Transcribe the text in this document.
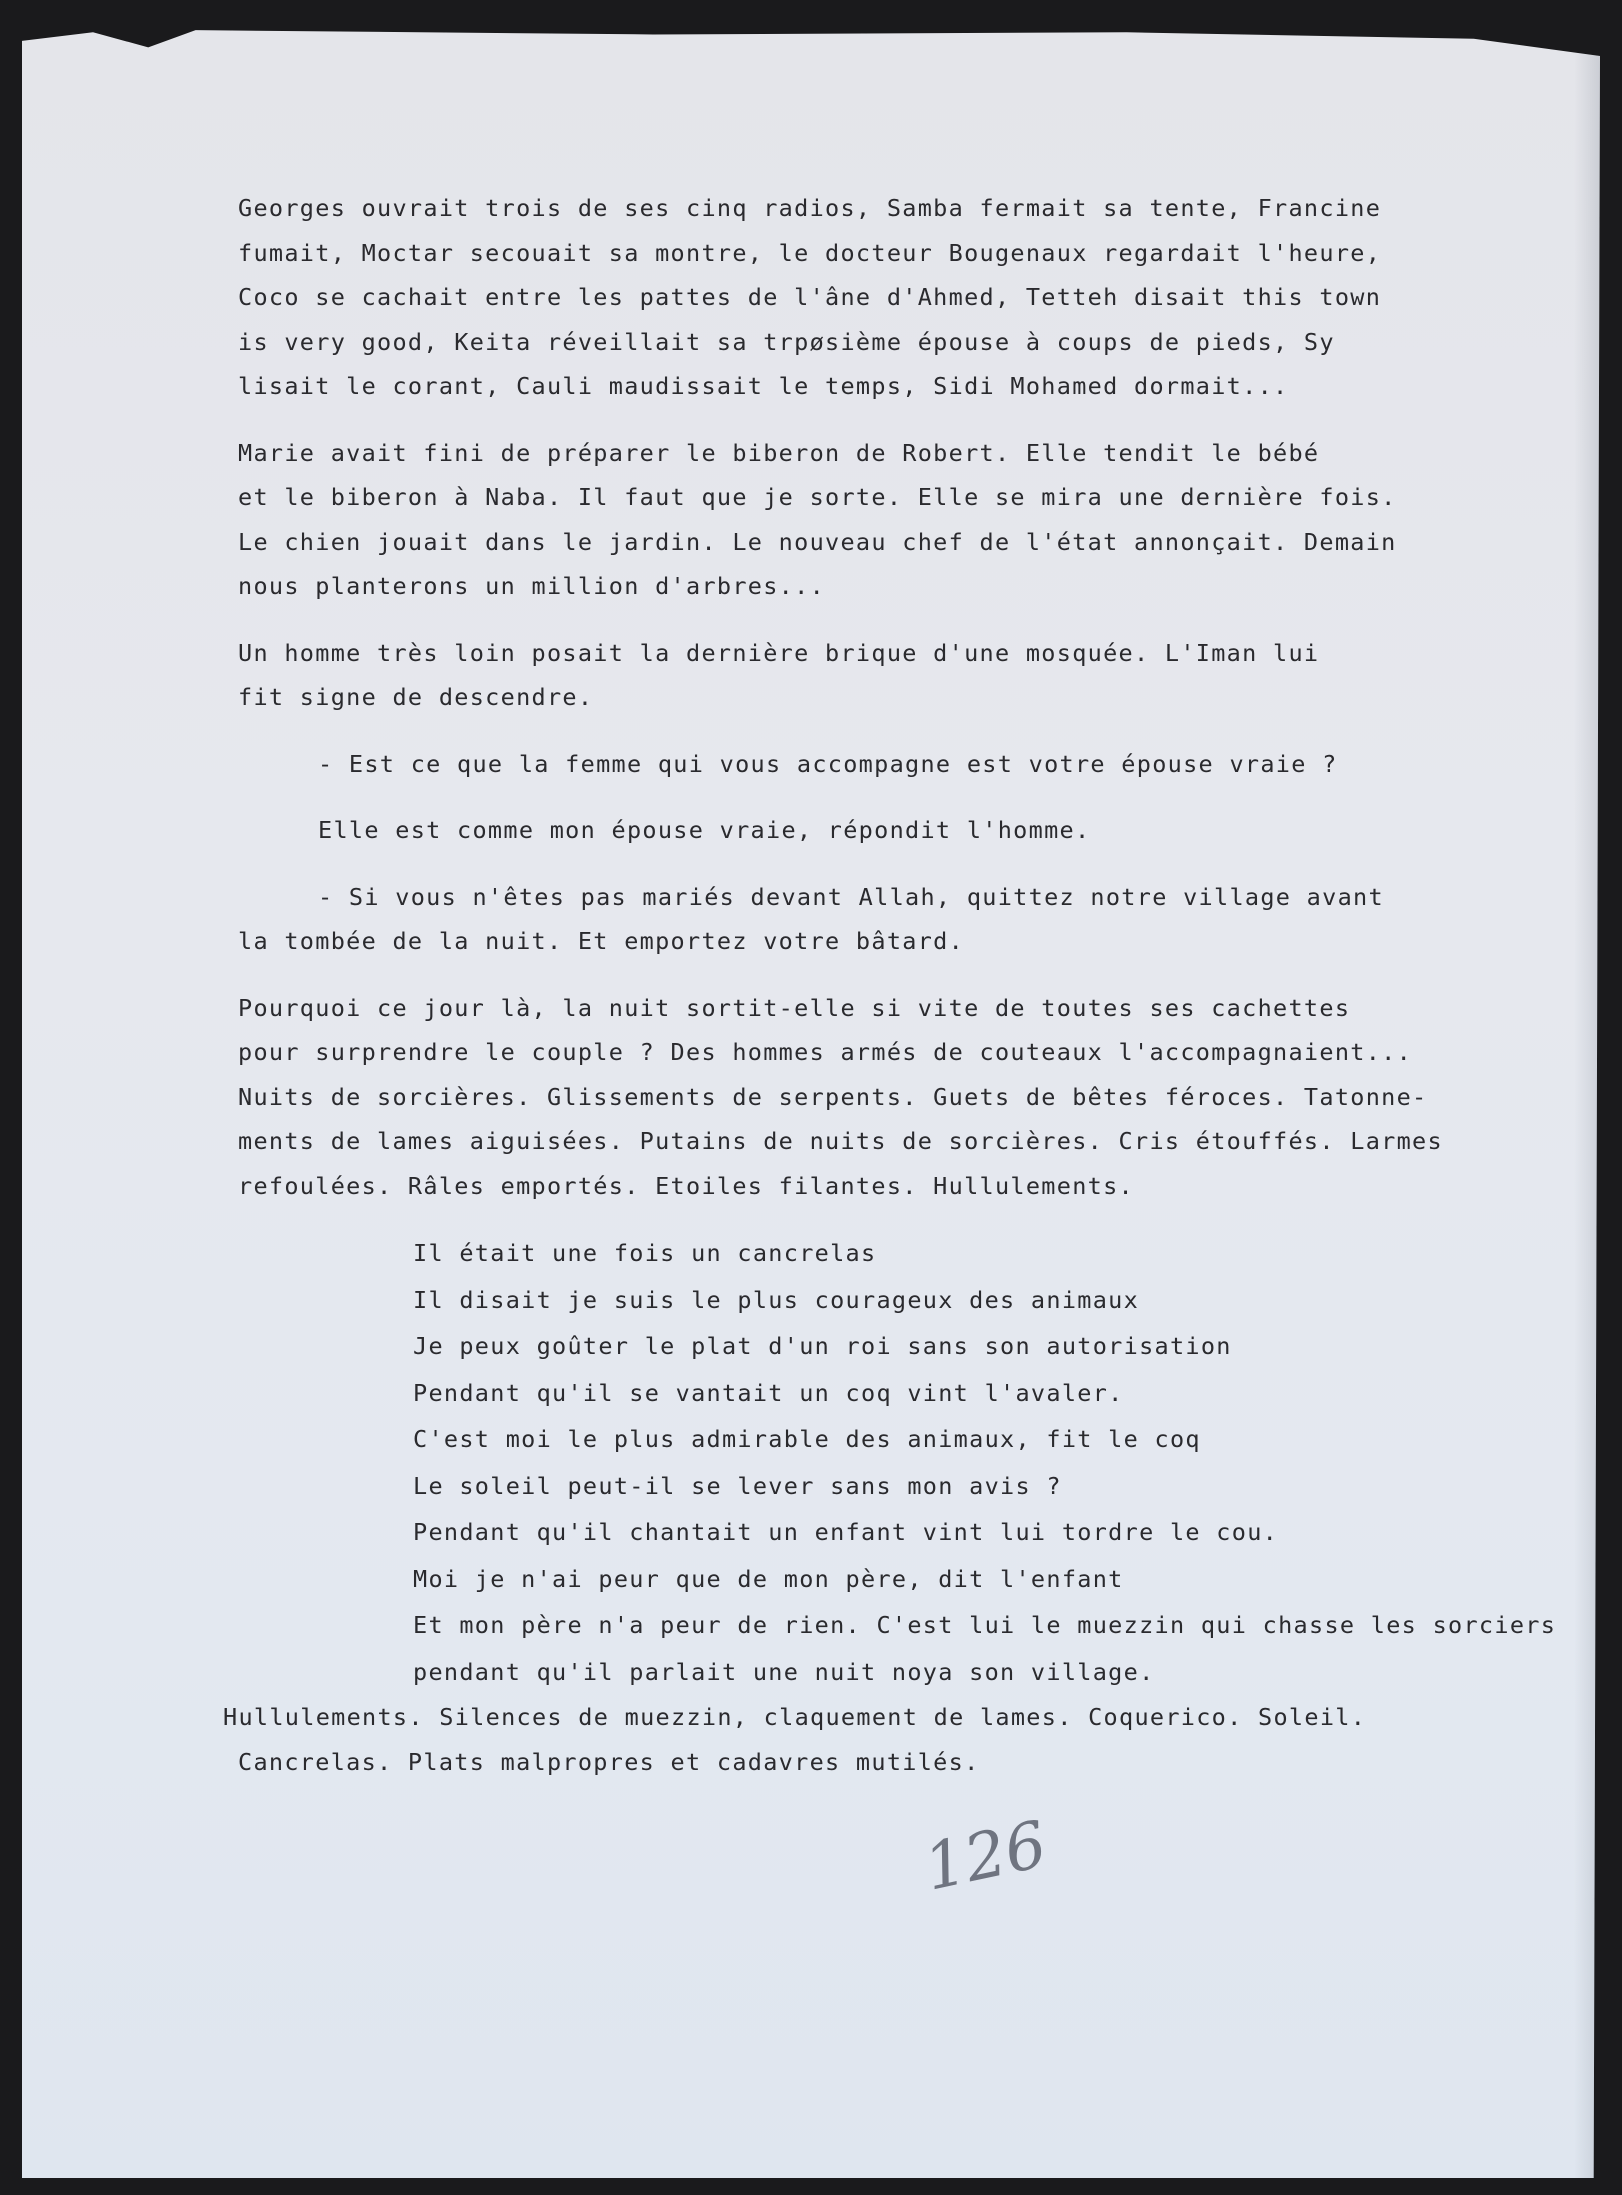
Georges ouvrait trois de ses cinq radios, Samba fermait sa tente, Francine
fumait, Moctar secouait sa montre, le docteur Bougenaux regardait l'heure,
Coco se cachait entre les pattes de l'âne d'Ahmed, Tetteh disait this town
is very good, Keita réveillait sa trpøsième épouse à coups de pieds, Sy
lisait le corant, Cauli maudissait le temps, Sidi Mohamed dormait...
Marie avait fini de préparer le biberon de Robert. Elle tendit le bébé
et le biberon à Naba. Il faut que je sorte. Elle se mira une dernière fois.
Le chien jouait dans le jardin. Le nouveau chef de l'état annonçait. Demain
nous planterons un million d'arbres...
Un homme très loin posait la dernière brique d'une mosquée. L'Iman lui
fit signe de descendre.
- Est ce que la femme qui vous accompagne est votre épouse vraie ?
Elle est comme mon épouse vraie, répondit l'homme.
- Si vous n'êtes pas mariés devant Allah, quittez notre village avant
la tombée de la nuit. Et emportez votre bâtard.
Pourquoi ce jour là, la nuit sortit-elle si vite de toutes ses cachettes
pour surprendre le couple ? Des hommes armés de couteaux l'accompagnaient...
Nuits de sorcières. Glissements de serpents. Guets de bêtes féroces. Tatonne-
ments de lames aiguisées. Putains de nuits de sorcières. Cris étouffés. Larmes
refoulées. Râles emportés. Etoiles filantes. Hullulements.
Il était une fois un cancrelas
Il disait je suis le plus courageux des animaux
Je peux goûter le plat d'un roi sans son autorisation
Pendant qu'il se vantait un coq vint l'avaler.
C'est moi le plus admirable des animaux, fit le coq
Le soleil peut-il se lever sans mon avis ?
Pendant qu'il chantait un enfant vint lui tordre le cou.
Moi je n'ai peur que de mon père, dit l'enfant
Et mon père n'a peur de rien. C'est lui le muezzin qui chasse les sorciers
pendant qu'il parlait une nuit noya son village.
Hullulements. Silences de muezzin, claquement de lames. Coquerico. Soleil.
Cancrelas. Plats malpropres et cadavres mutilés.
126
